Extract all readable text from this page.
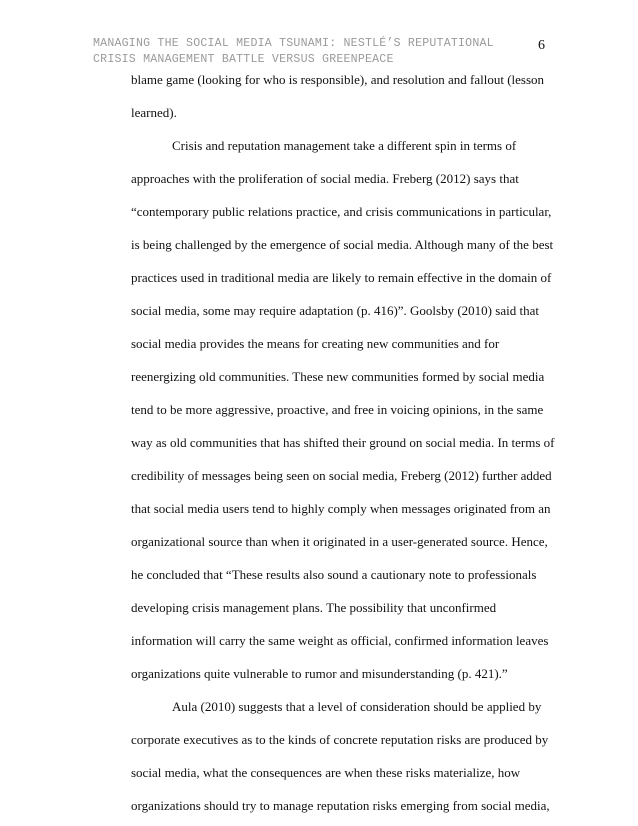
MANAGING THE SOCIAL MEDIA TSUNAMI: NESTLÉ’S REPUTATIONAL
CRISIS MANAGEMENT BATTLE VERSUS GREENPEACE
6
blame game (looking for who is responsible), and resolution and fallout (lesson
learned).
Crisis and reputation management take a different spin in terms of
approaches with the proliferation of social media. Freberg (2012) says that
“contemporary public relations practice, and crisis communications in particular,
is being challenged by the emergence of social media. Although many of the best
practices used in traditional media are likely to remain effective in the domain of
social media, some may require adaptation (p. 416)”. Goolsby (2010) said that
social media provides the means for creating new communities and for
reenergizing old communities. These new communities formed by social media
tend to be more aggressive, proactive, and free in voicing opinions, in the same
way as old communities that has shifted their ground on social media. In terms of
credibility of messages being seen on social media, Freberg (2012) further added
that social media users tend to highly comply when messages originated from an
organizational source than when it originated in a user-generated source. Hence,
he concluded that “These results also sound a cautionary note to professionals
developing crisis management plans. The possibility that unconfirmed
information will carry the same weight as official, confirmed information leaves
organizations quite vulnerable to rumor and misunderstanding (p. 421).”
Aula (2010) suggests that a level of consideration should be applied by
corporate executives as to the kinds of concrete reputation risks are produced by
social media, what the consequences are when these risks materialize, how
organizations should try to manage reputation risks emerging from social media,
